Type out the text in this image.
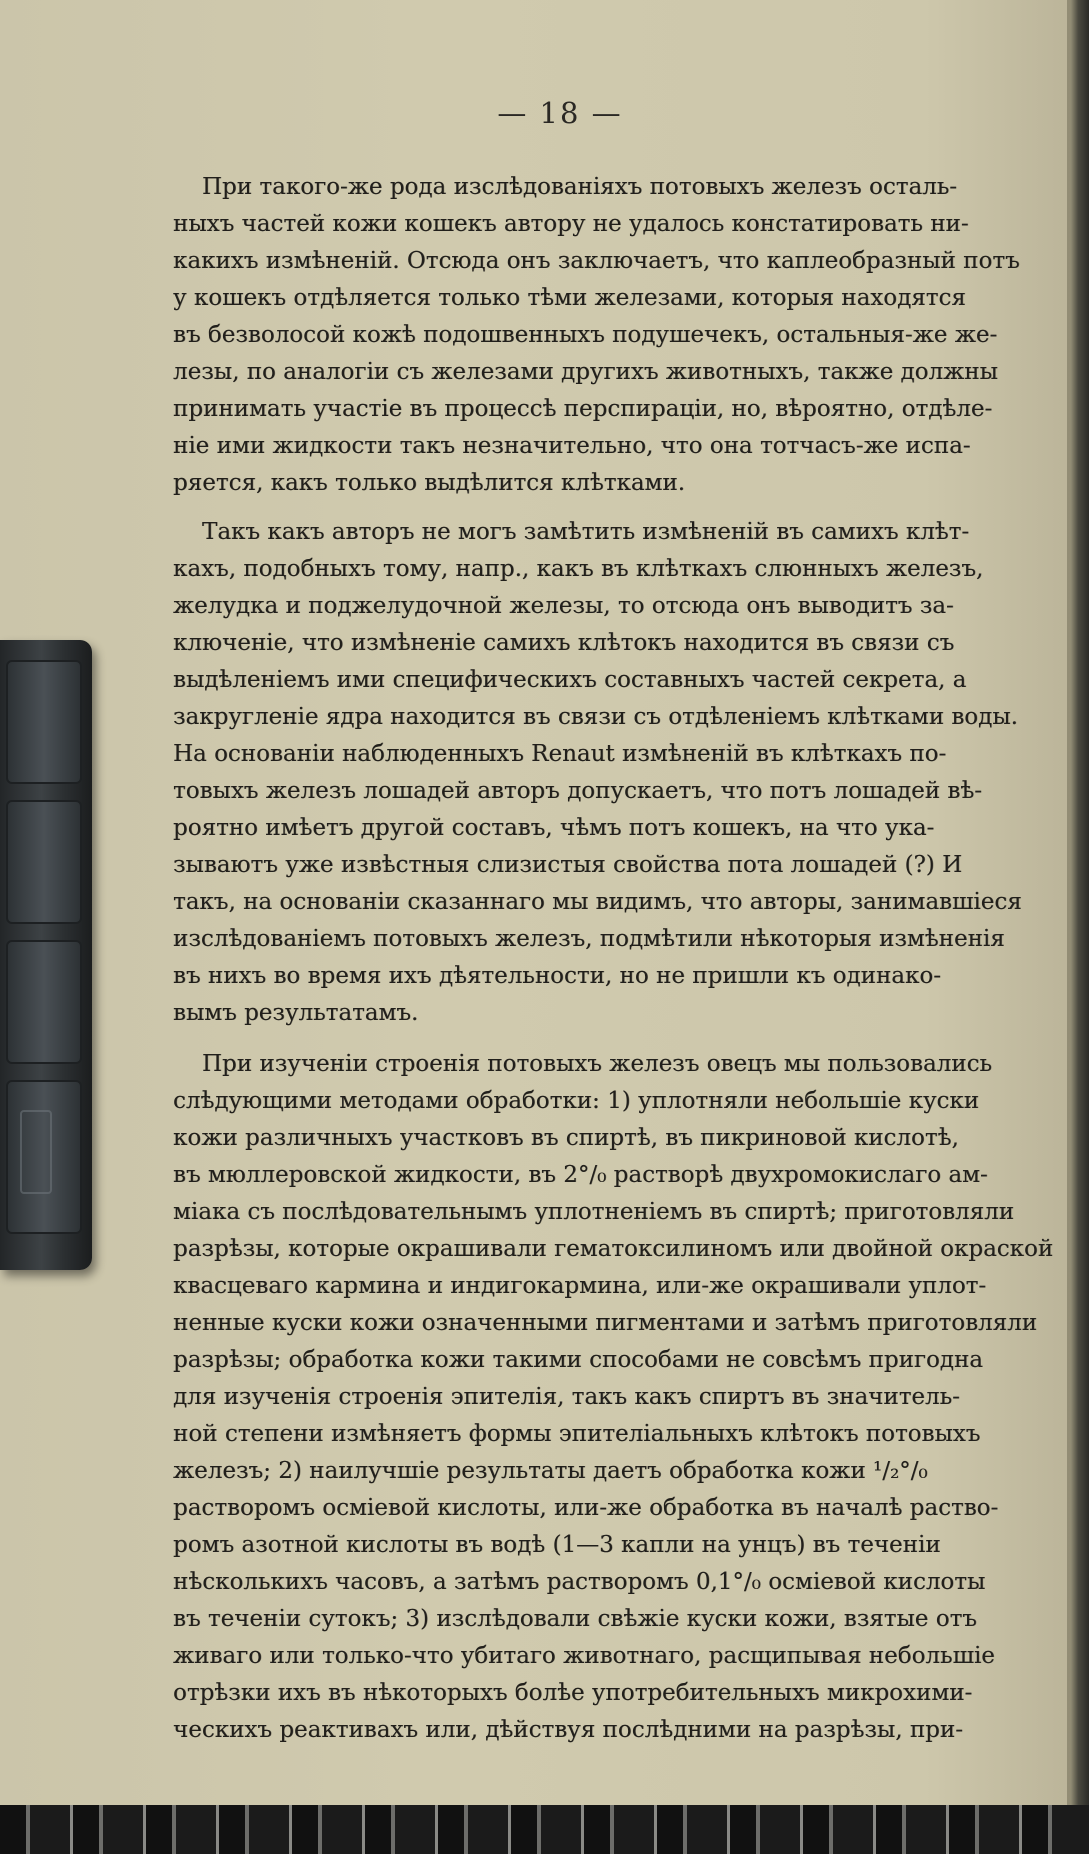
— 18 —
При такого-же рода изслѣдованіяхъ потовыхъ железъ осталь-
ныхъ частей кожи кошекъ автору не удалось констатировать ни-
какихъ измѣненій. Отсюда онъ заключаетъ, что каплеобразный потъ
у кошекъ отдѣляется только тѣми железами, которыя находятся
въ безволосой кожѣ подошвенныхъ подушечекъ, остальныя-же же-
лезы, по аналогіи съ железами другихъ животныхъ, также должны
принимать участіе въ процессѣ перспираціи, но, вѣроятно, отдѣле-
ніе ими жидкости такъ незначительно, что она тотчасъ-же испа-
ряется, какъ только выдѣлится клѣтками.
Такъ какъ авторъ не могъ замѣтить измѣненій въ самихъ клѣт-
кахъ, подобныхъ тому, напр., какъ въ клѣткахъ слюнныхъ железъ,
желудка и поджелудочной железы, то отсюда онъ выводитъ за-
ключеніе, что измѣненіе самихъ клѣтокъ находится въ связи съ
выдѣленіемъ ими специфическихъ составныхъ частей секрета, а
закругленіе ядра находится въ связи съ отдѣленіемъ клѣтками воды.
На основаніи наблюденныхъ Renaut измѣненій въ клѣткахъ по-
товыхъ железъ лошадей авторъ допускаетъ, что потъ лошадей вѣ-
роятно имѣетъ другой составъ, чѣмъ потъ кошекъ, на что ука-
зываютъ уже извѣстныя слизистыя свойства пота лошадей (?) И
такъ, на основаніи сказаннаго мы видимъ, что авторы, занимавшіеся
изслѣдованіемъ потовыхъ железъ, подмѣтили нѣкоторыя измѣненія
въ нихъ во время ихъ дѣятельности, но не пришли къ одинако-
вымъ результатамъ.
При изученіи строенія потовыхъ железъ овецъ мы пользовались
слѣдующими методами обработки: 1) уплотняли небольшіе куски
кожи различныхъ участковъ въ спиртѣ, въ пикриновой кислотѣ,
въ мюллеровской жидкости, въ 2°/₀ растворѣ двухромокислаго ам-
міака съ послѣдовательнымъ уплотненіемъ въ спиртѣ; приготовляли
разрѣзы, которые окрашивали гематоксилиномъ или двойной окраской
квасцеваго кармина и индигокармина, или-же окрашивали уплот-
ненные куски кожи означенными пигментами и затѣмъ приготовляли
разрѣзы; обработка кожи такими способами не совсѣмъ пригодна
для изученія строенія эпителія, такъ какъ спиртъ въ значитель-
ной степени измѣняетъ формы эпителіальныхъ клѣтокъ потовыхъ
железъ; 2) наилучшіе результаты даетъ обработка кожи ¹/₂°/₀
растворомъ осміевой кислоты, или-же обработка въ началѣ раство-
ромъ азотной кислоты въ водѣ (1—3 капли на унцъ) въ теченіи
нѣсколькихъ часовъ, а затѣмъ растворомъ 0,1°/₀ осміевой кислоты
въ теченіи сутокъ; 3) изслѣдовали свѣжіе куски кожи, взятые отъ
живаго или только-что убитаго животнаго, расщипывая небольшіе
отрѣзки ихъ въ нѣкоторыхъ болѣе употребительныхъ микрохими-
ческихъ реактивахъ или, дѣйствуя послѣдними на разрѣзы, при-
